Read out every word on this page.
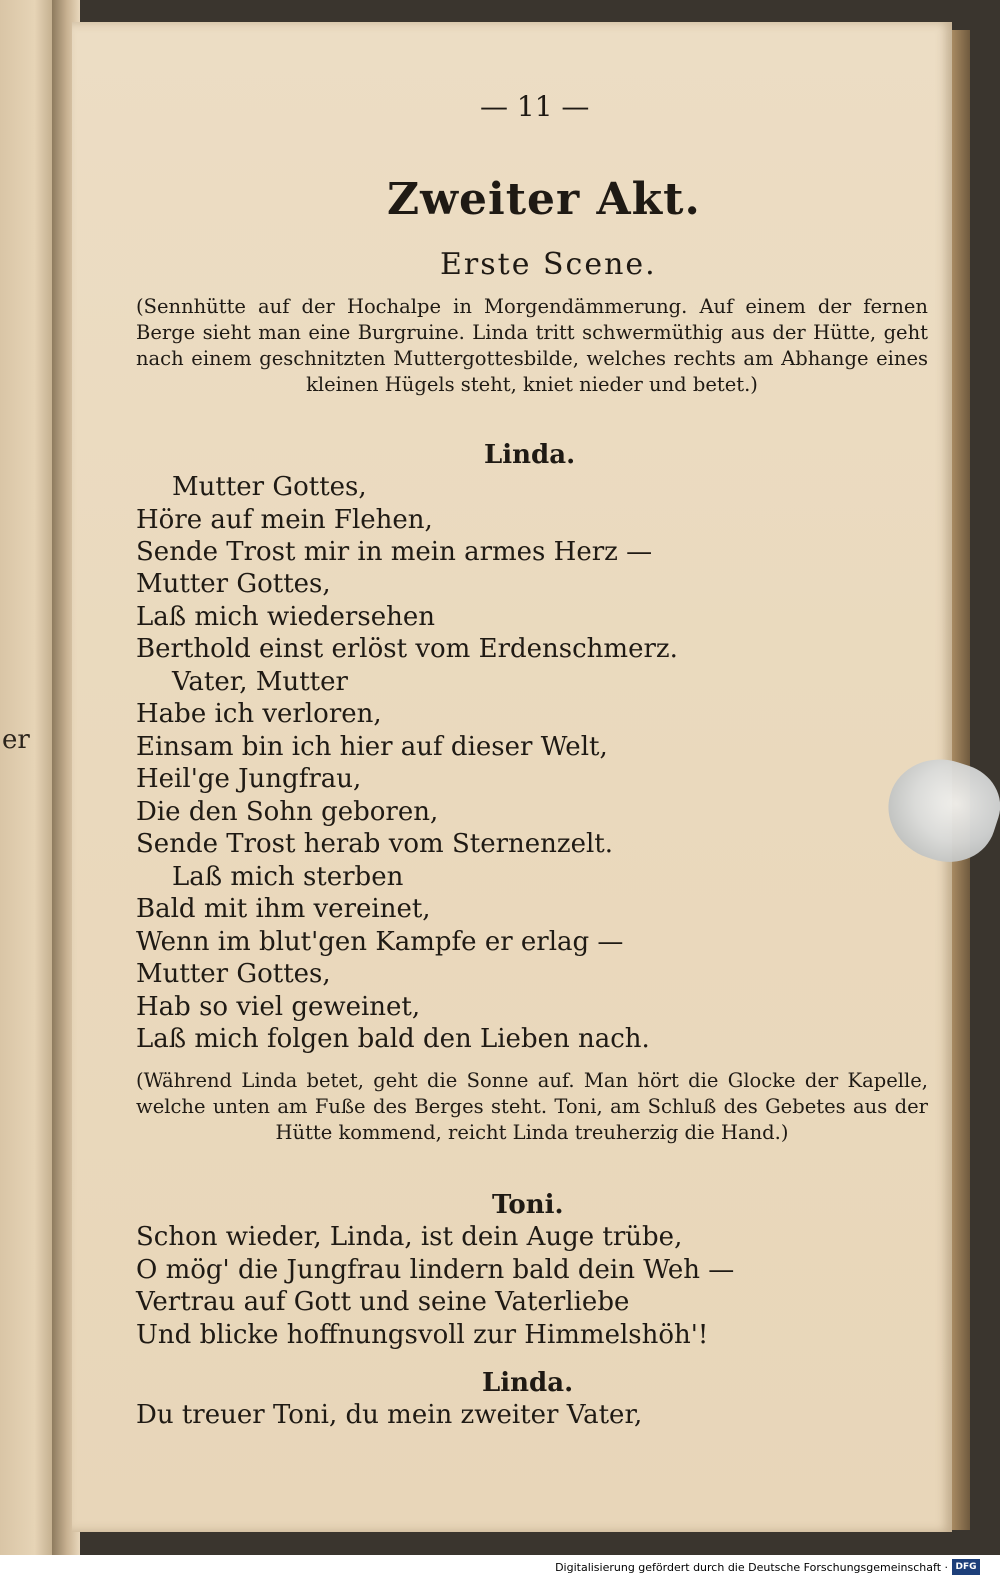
er
— 11 —
Zweiter Akt.
Erste Scene.
(Sennhütte auf der Hochalpe in Morgendämmerung. Auf einem der fernen Berge sieht man eine Burgruine. Linda tritt schwermüthig aus der Hütte, geht nach einem geschnitzten Muttergottesbilde, welches rechts am Abhange eines kleinen Hügels steht, kniet nieder und betet.)
Linda.
Mutter Gottes,
Höre auf mein Flehen,
Sende Trost mir in mein armes Herz —
Mutter Gottes,
Laß mich wiedersehen
Berthold einst erlöst vom Erdenschmerz.
Vater, Mutter
Habe ich verloren,
Einsam bin ich hier auf dieser Welt,
Heil'ge Jungfrau,
Die den Sohn geboren,
Sende Trost herab vom Sternenzelt.
Laß mich sterben
Bald mit ihm vereinet,
Wenn im blut'gen Kampfe er erlag —
Mutter Gottes,
Hab so viel geweinet,
Laß mich folgen bald den Lieben nach.
(Während Linda betet, geht die Sonne auf. Man hört die Glocke der Kapelle, welche unten am Fuße des Berges steht. Toni, am Schluß des Gebetes aus der Hütte kommend, reicht Linda treuherzig die Hand.)
Toni.
Schon wieder, Linda, ist dein Auge trübe,
O mög' die Jungfrau lindern bald dein Weh —
Vertrau auf Gott und seine Vaterliebe
Und blicke hoffnungsvoll zur Himmelshöh'!
Linda.
Du treuer Toni, du mein zweiter Vater,
Digitalisierung gefördert durch die Deutsche Forschungsgemeinschaft · DFG
